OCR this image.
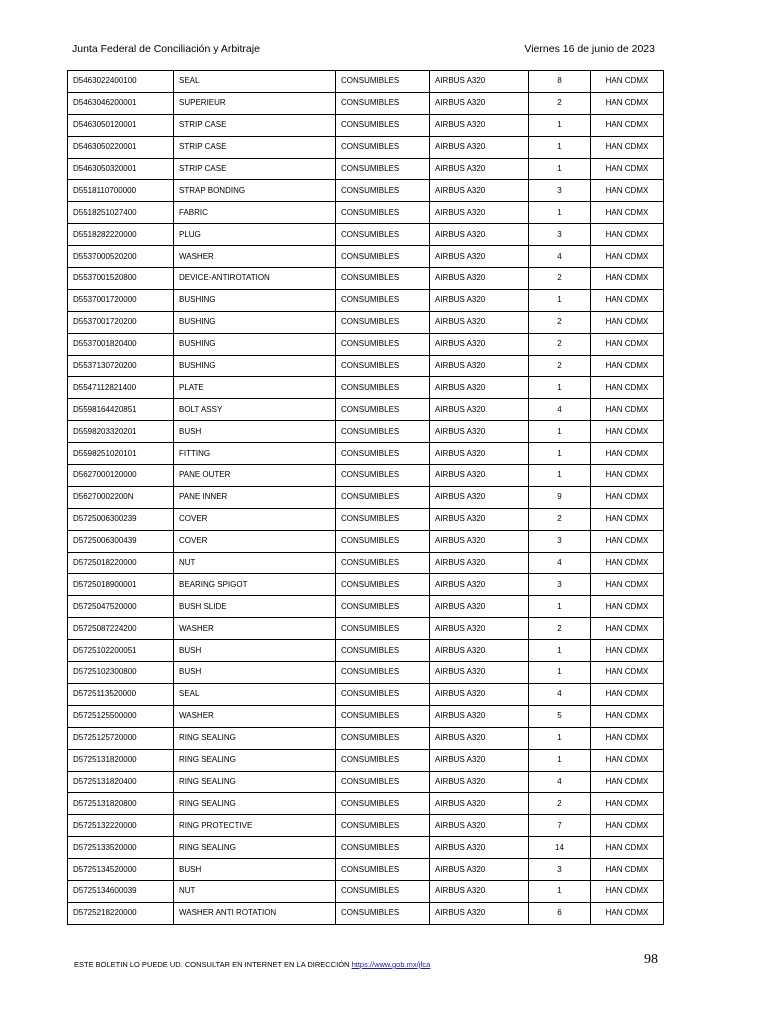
Junta Federal de Conciliación y Arbitraje	Viernes 16 de junio de 2023
D5463022400100	SEAL	CONSUMIBLES	AIRBUS A320	8	HAN CDMX
D5463046200001	SUPERIEUR	CONSUMIBLES	AIRBUS A320	2	HAN CDMX
D5463050120001	STRIP CASE	CONSUMIBLES	AIRBUS A320	1	HAN CDMX
D5463050220001	STRIP CASE	CONSUMIBLES	AIRBUS A320	1	HAN CDMX
D5463050320001	STRIP CASE	CONSUMIBLES	AIRBUS A320	1	HAN CDMX
D5518110700000	STRAP BONDING	CONSUMIBLES	AIRBUS A320	3	HAN CDMX
D5518251027400	FABRIC	CONSUMIBLES	AIRBUS A320	1	HAN CDMX
D5518282220000	PLUG	CONSUMIBLES	AIRBUS A320	3	HAN CDMX
D5537000520200	WASHER	CONSUMIBLES	AIRBUS A320	4	HAN CDMX
D5537001520800	DEVICE-ANTIROTATION	CONSUMIBLES	AIRBUS A320	2	HAN CDMX
D5537001720000	BUSHING	CONSUMIBLES	AIRBUS A320	1	HAN CDMX
D5537001720200	BUSHING	CONSUMIBLES	AIRBUS A320	2	HAN CDMX
D5537001820400	BUSHING	CONSUMIBLES	AIRBUS A320	2	HAN CDMX
D5537130720200	BUSHING	CONSUMIBLES	AIRBUS A320	2	HAN CDMX
D5547112821400	PLATE	CONSUMIBLES	AIRBUS A320	1	HAN CDMX
D5598164420851	BOLT ASSY	CONSUMIBLES	AIRBUS A320	4	HAN CDMX
D5598203320201	BUSH	CONSUMIBLES	AIRBUS A320	1	HAN CDMX
D5598251020101	FITTING	CONSUMIBLES	AIRBUS A320	1	HAN CDMX
D5627000120000	PANE OUTER	CONSUMIBLES	AIRBUS A320	1	HAN CDMX
D56270002200N	PANE INNER	CONSUMIBLES	AIRBUS A320	9	HAN CDMX
D5725006300239	COVER	CONSUMIBLES	AIRBUS A320	2	HAN CDMX
D5725006300439	COVER	CONSUMIBLES	AIRBUS A320	3	HAN CDMX
D5725018220000	NUT	CONSUMIBLES	AIRBUS A320	4	HAN CDMX
D5725018900001	BEARING SPIGOT	CONSUMIBLES	AIRBUS A320	3	HAN CDMX
D5725047520000	BUSH SLIDE	CONSUMIBLES	AIRBUS A320	1	HAN CDMX
D5725087224200	WASHER	CONSUMIBLES	AIRBUS A320	2	HAN CDMX
D5725102200051	BUSH	CONSUMIBLES	AIRBUS A320	1	HAN CDMX
D5725102300800	BUSH	CONSUMIBLES	AIRBUS A320	1	HAN CDMX
D5725113520000	SEAL	CONSUMIBLES	AIRBUS A320	4	HAN CDMX
D5725125500000	WASHER	CONSUMIBLES	AIRBUS A320	5	HAN CDMX
D5725125720000	RING SEALING	CONSUMIBLES	AIRBUS A320	1	HAN CDMX
D5725131820000	RING SEALING	CONSUMIBLES	AIRBUS A320	1	HAN CDMX
D5725131820400	RING SEALING	CONSUMIBLES	AIRBUS A320	4	HAN CDMX
D5725131820800	RING SEALING	CONSUMIBLES	AIRBUS A320	2	HAN CDMX
D5725132220000	RING PROTECTIVE	CONSUMIBLES	AIRBUS A320	7	HAN CDMX
D5725133520000	RING SEALING	CONSUMIBLES	AIRBUS A320	14	HAN CDMX
D5725134520000	BUSH	CONSUMIBLES	AIRBUS A320	3	HAN CDMX
D5725134600039	NUT	CONSUMIBLES	AIRBUS A320	1	HAN CDMX
D5725218220000	WASHER ANTI ROTATION	CONSUMIBLES	AIRBUS A320	6	HAN CDMX
ESTE BOLETIN LO PUEDE UD. CONSULTAR EN INTERNET EN LA DIRECCIÓN https://www.gob.mx/jfca	98
